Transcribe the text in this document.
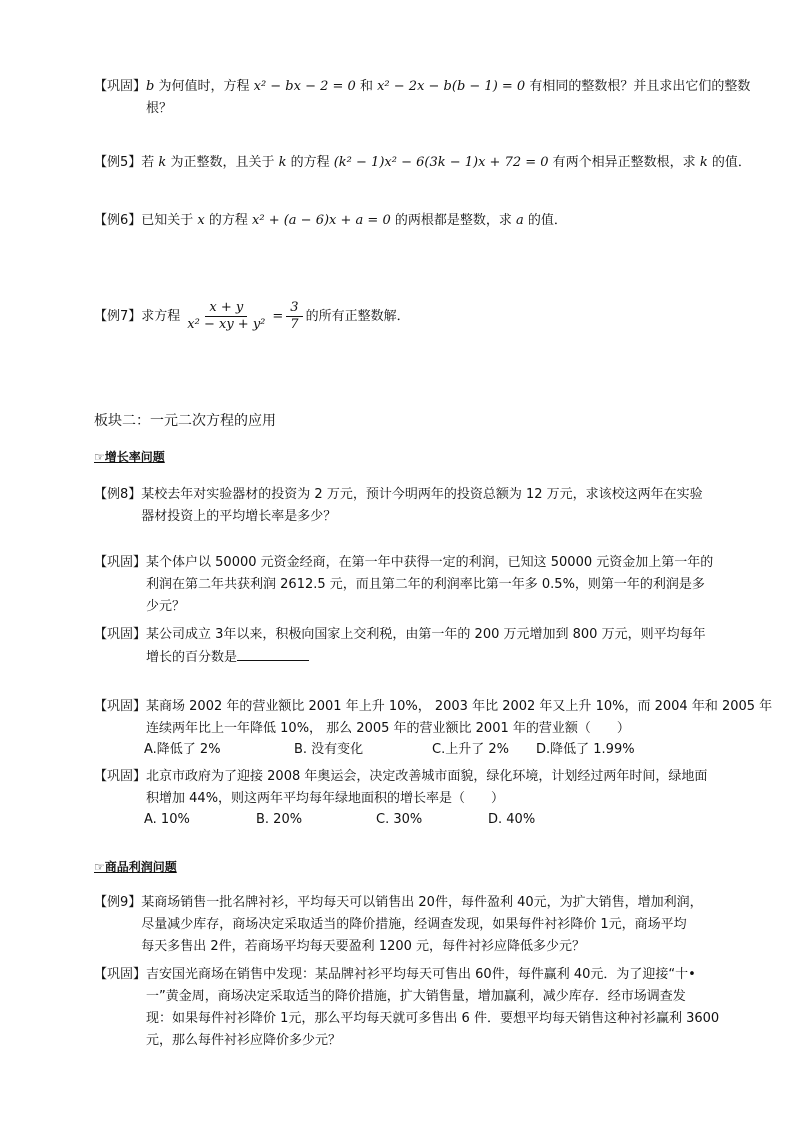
【巩固】 b 为何值时，方程 x² − bx − 2 = 0 和 x² − 2x − b(b − 1) = 0 有相同的整数根？并且求出它们的整数根？
【例5】 若 k 为正整数，且关于 k 的方程 (k² − 1)x² − 6(3k − 1)x + 72 = 0 有两个相异正整数根，求 k 的值．
【例6】 已知关于 x 的方程 x² + (a − 6)x + a = 0 的两根都是整数，求 a 的值．
【例7】 求方程 $\frac{x + y}{\text{x² − xy + y²}} = \frac{3}{7}$ 的所有正整数解．
板块二：一元二次方程的应用
☞增长率问题
【例8】 某校去年对实验器材的投资为 2 万元，预计今明两年的投资总额为 12 万元，求该校这两年在实验
器材投资上的平均增长率是多少？
【巩固】 某个体户以 50000 元资金经商，在第一年中获得一定的利润，已知这 50000 元资金加上第一年的
利润在第二年共获利润 2612.5 元，而且第二年的利润率比第一年多 0.5%，则第一年的利润是多
少元？
【巩固】 某公司成立 3年以来，积极向国家上交利税，由第一年的 200 万元增加到 800 万元，则平均每年
增长的百分数是
【巩固】 某商场 2002 年的营业额比 2001 年上升 10%， 2003 年比 2002 年又上升 10%，而 2004 年和 2005 年
连续两年比上一年降低 10%， 那么 2005 年的营业额比 2001 年的营业额（　　）
A.降低了 2%	B. 没有变化	C.上升了 2%	D.降低了 1.99%
【巩固】 北京市政府为了迎接 2008 年奥运会，决定改善城市面貌，绿化环境，计划经过两年时间，绿地面
积增加 44%，则这两年平均每年绿地面积的增长率是（　　）
A. 10%	B. 20%	C. 30%	D. 40%
☞商品利润问题
【例9】 某商场销售一批名牌衬衫，平均每天可以销售出 20件，每件盈利 40元，为扩大销售，增加利润，
尽量减少库存，商场决定采取适当的降价措施，经调查发现，如果每件衬衫降价 1元，商场平均
每天多售出 2件，若商场平均每天要盈利 1200 元，每件衬衫应降低多少元？
【巩固】 吉安国光商场在销售中发现：某品牌衬衫平均每天可售出 60件，每件赢利 40元．为了迎接“十•
一”黄金周，商场决定采取适当的降价措施，扩大销售量，增加赢利，减少库存．经市场调查发
现：如果每件衬衫降价 1元，那么平均每天就可多售出 6 件．要想平均每天销售这种衬衫赢利 3600
元，那么每件衬衫应降价多少元？
